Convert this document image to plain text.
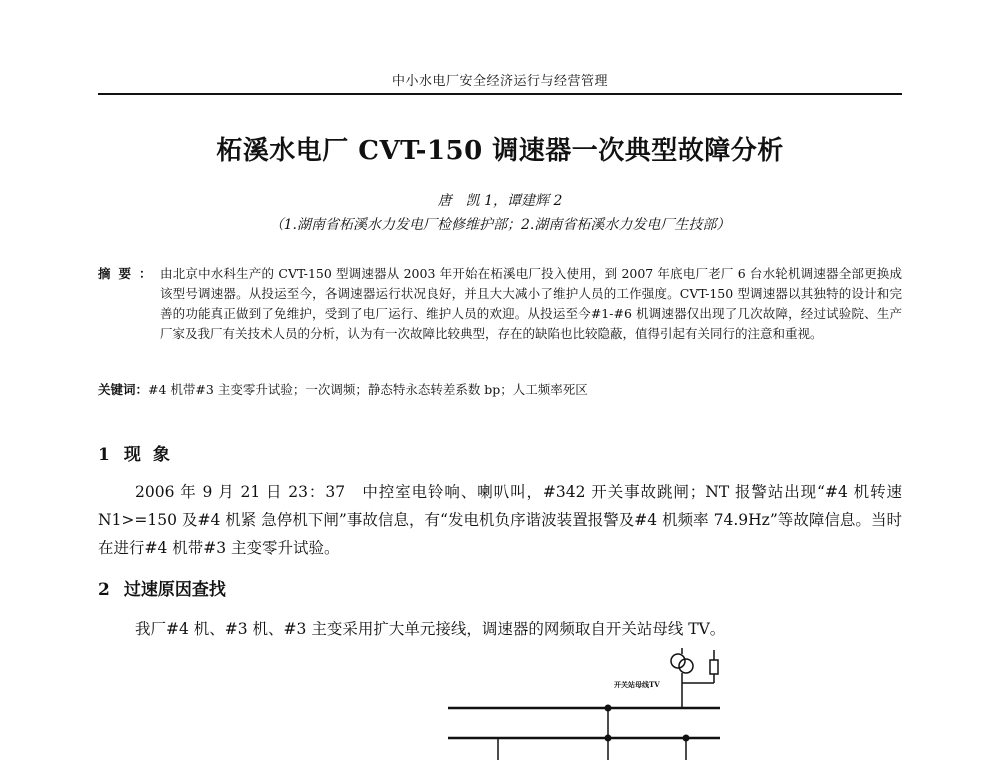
中小水电厂安全经济运行与经营管理
柘溪水电厂 CVT-150 调速器一次典型故障分析
唐　凯 1，谭建辉 2
（1.湖南省柘溪水力发电厂检修维护部；2.湖南省柘溪水力发电厂生技部）
摘要： 由北京中水科生产的 CVT-150 型调速器从 2003 年开始在柘溪电厂投入使用，到 2007 年底电厂老厂 6 台水轮机调速器全部更换成该型号调速器。从投运至今，各调速器运行状况良好，并且大大减小了维护人员的工作强度。CVT-150 型调速器以其独特的设计和完善的功能真正做到了免维护，受到了电厂运行、维护人员的欢迎。从投运至今#1-#6 机调速器仅出现了几次故障，经过试验院、生产厂家及我厂有关技术人员的分析，认为有一次故障比较典型，存在的缺陷也比较隐蔽，值得引起有关同行的注意和重视。
关键词：#4 机带#3 主变零升试验；一次调频；静态特永态转差系数 bp；人工频率死区
1 现象
2006 年 9 月 21 日 23：37　中控室电铃响、喇叭叫，#342 开关事故跳闸；NT 报警站出现“#4 机转速 N1>=150 及#4 机紧 急停机下闸”事故信息，有“发电机负序谐波装置报警及#4 机频率 74.9Hz”等故障信息。当时在进行#4 机带#3 主变零升试验。
2 过速原因查找
我厂#4 机、#3 机、#3 主变采用扩大单元接线，调速器的网频取自开关站母线 TV。
开关站母线TV
